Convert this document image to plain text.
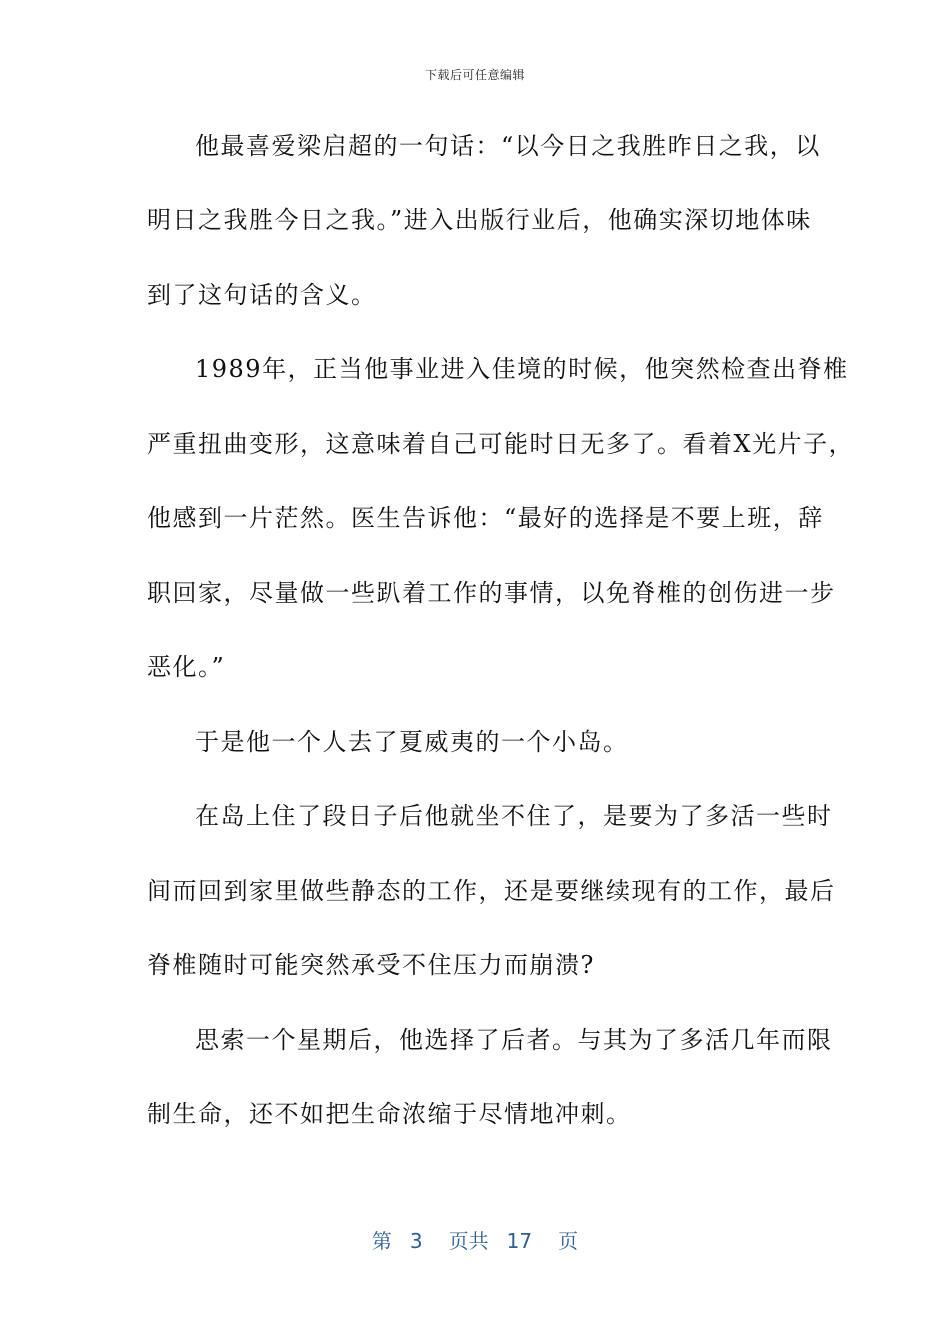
下载后可任意编辑
他最喜爱梁启超的一句话：“以今日之我胜昨日之我，以
明日之我胜今日之我。”进入出版行业后，他确实深切地体味
到了这句话的含义。
1989年，正当他事业进入佳境的时候，他突然检查出脊椎
严重扭曲变形，这意味着自己可能时日无多了。看着X光片子，
他感到一片茫然。医生告诉他：“最好的选择是不要上班，辞
职回家，尽量做一些趴着工作的事情，以免脊椎的创伤进一步
恶化。”
于是他一个人去了夏威夷的一个小岛。
在岛上住了段日子后他就坐不住了，是要为了多活一些时
间而回到家里做些静态的工作，还是要继续现有的工作，最后
脊椎随时可能突然承受不住压力而崩溃?
思索一个星期后，他选择了后者。与其为了多活几年而限
制生命，还不如把生命浓缩于尽情地冲刺。
第 3 页共 17 页
